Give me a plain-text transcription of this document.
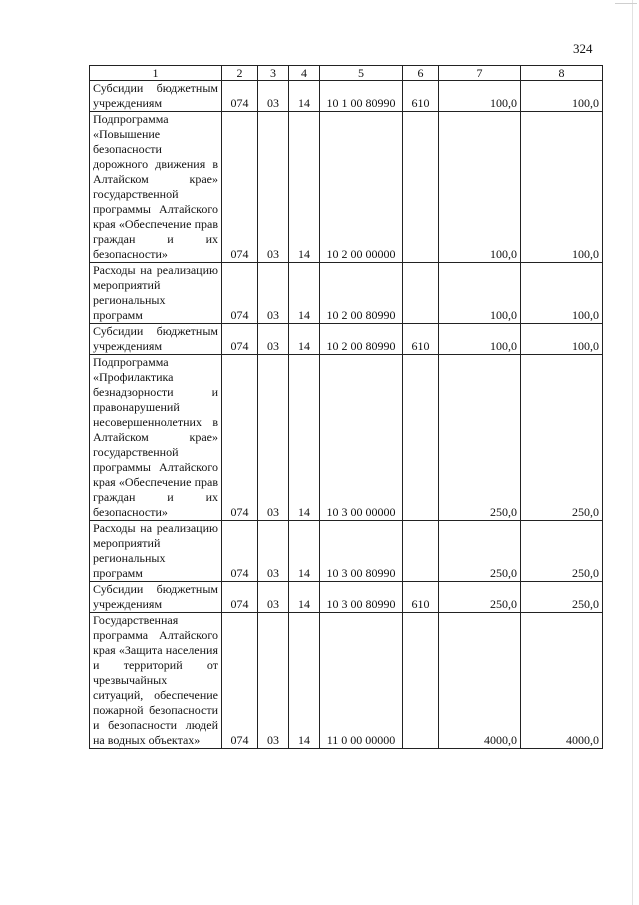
324
1	2	3	4	5	6	7	8
Субсидии бюджетным учреждениям	074	03	14	10 1 00 80990	610	100,0	100,0
Подпрограмма «Повышение безопасности дорожного движения в Алтайском крае» государственной программы Алтайского края «Обеспечение прав граждан и их безопасности»	074	03	14	10 2 00 00000		100,0	100,0
Расходы на реализацию мероприятий региональных программ	074	03	14	10 2 00 80990		100,0	100,0
Субсидии бюджетным учреждениям	074	03	14	10 2 00 80990	610	100,0	100,0
Подпрограмма «Профилактика безнадзорности и правонарушений несовершеннолетних в Алтайском крае» государственной программы Алтайского края «Обеспечение прав граждан и их безопасности»	074	03	14	10 3 00 00000		250,0	250,0
Расходы на реализацию мероприятий региональных программ	074	03	14	10 3 00 80990		250,0	250,0
Субсидии бюджетным учреждениям	074	03	14	10 3 00 80990	610	250,0	250,0
Государственная программа Алтайского края «Защита населения и территорий от чрезвычайных ситуаций, обеспечение пожарной безопасности и безопасности людей на водных объектах»	074	03	14	11 0 00 00000		4000,0	4000,0
